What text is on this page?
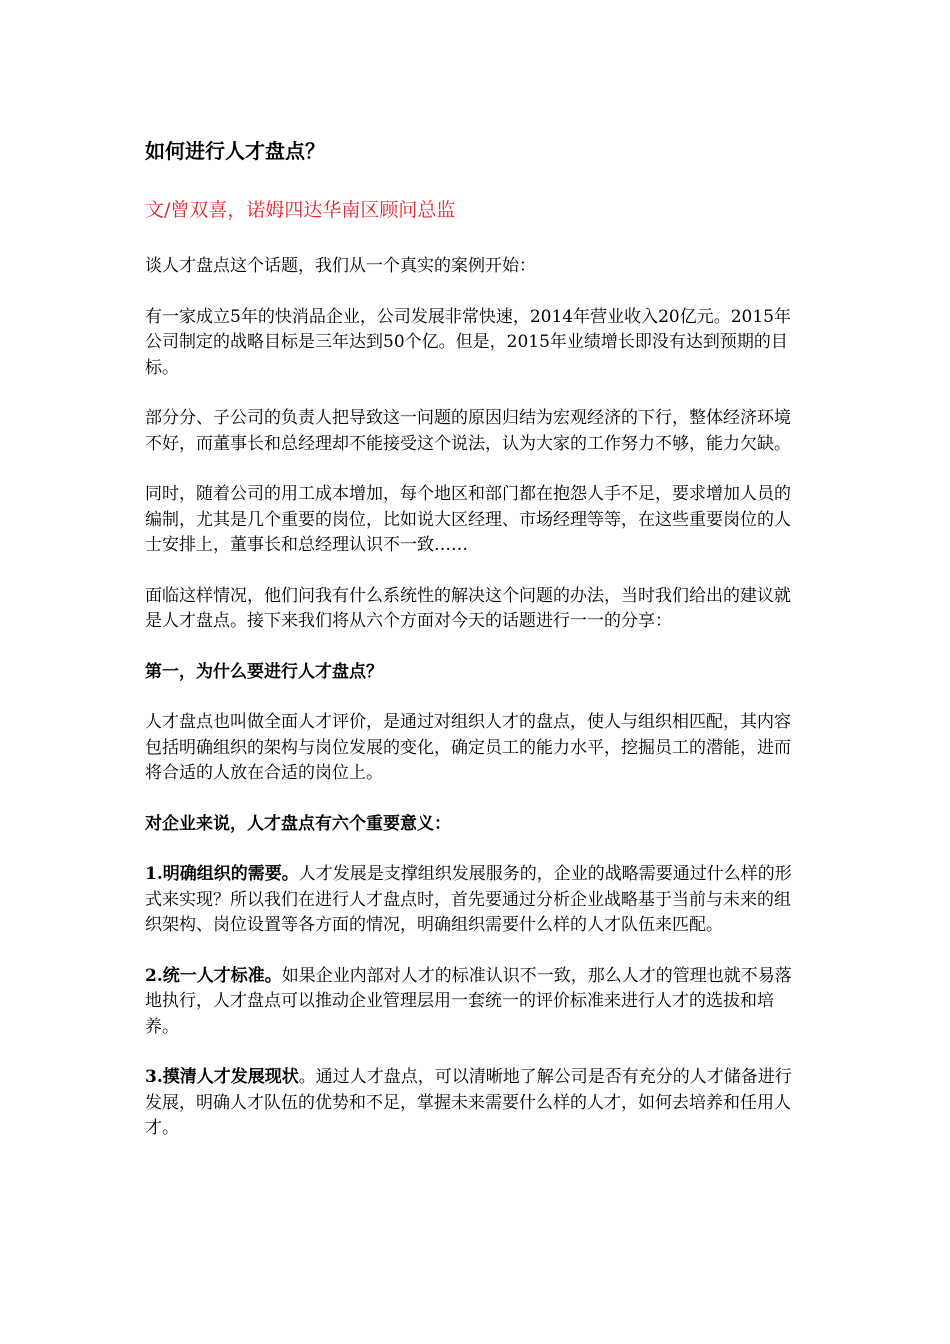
如何进行人才盘点？
文/曾双喜，诺姆四达华南区顾问总监

谈人才盘点这个话题，我们从一个真实的案例开始：

有一家成立5年的快消品企业，公司发展非常快速，2014年营业收入20亿元。2015年公司制定的战略目标是三年达到50个亿。但是，2015年业绩增长即没有达到预期的目标。

部分分、子公司的负责人把导致这一问题的原因归结为宏观经济的下行，整体经济环境不好，而董事长和总经理却不能接受这个说法，认为大家的工作努力不够，能力欠缺。

同时，随着公司的用工成本增加，每个地区和部门都在抱怨人手不足，要求增加人员的编制，尤其是几个重要的岗位，比如说大区经理、市场经理等等，在这些重要岗位的人士安排上，董事长和总经理认识不一致……

面临这样情况，他们问我有什么系统性的解决这个问题的办法，当时我们给出的建议就是人才盘点。接下来我们将从六个方面对今天的话题进行一一的分享：

第一，为什么要进行人才盘点？

人才盘点也叫做全面人才评价，是通过对组织人才的盘点，使人与组织相匹配，其内容包括明确组织的架构与岗位发展的变化，确定员工的能力水平，挖掘员工的潜能，进而将合适的人放在合适的岗位上。

对企业来说，人才盘点有六个重要意义：

1.明确组织的需要。人才发展是支撑组织发展服务的，企业的战略需要通过什么样的形式来实现？所以我们在进行人才盘点时，首先要通过分析企业战略基于当前与未来的组织架构、岗位设置等各方面的情况，明确组织需要什么样的人才队伍来匹配。

2.统一人才标准。如果企业内部对人才的标准认识不一致，那么人才的管理也就不易落地执行，人才盘点可以推动企业管理层用一套统一的评价标准来进行人才的选拔和培养。

3.摸清人才发展现状。通过人才盘点，可以清晰地了解公司是否有充分的人才储备进行发展，明确人才队伍的优势和不足，掌握未来需要什么样的人才，如何去培养和任用人才。
